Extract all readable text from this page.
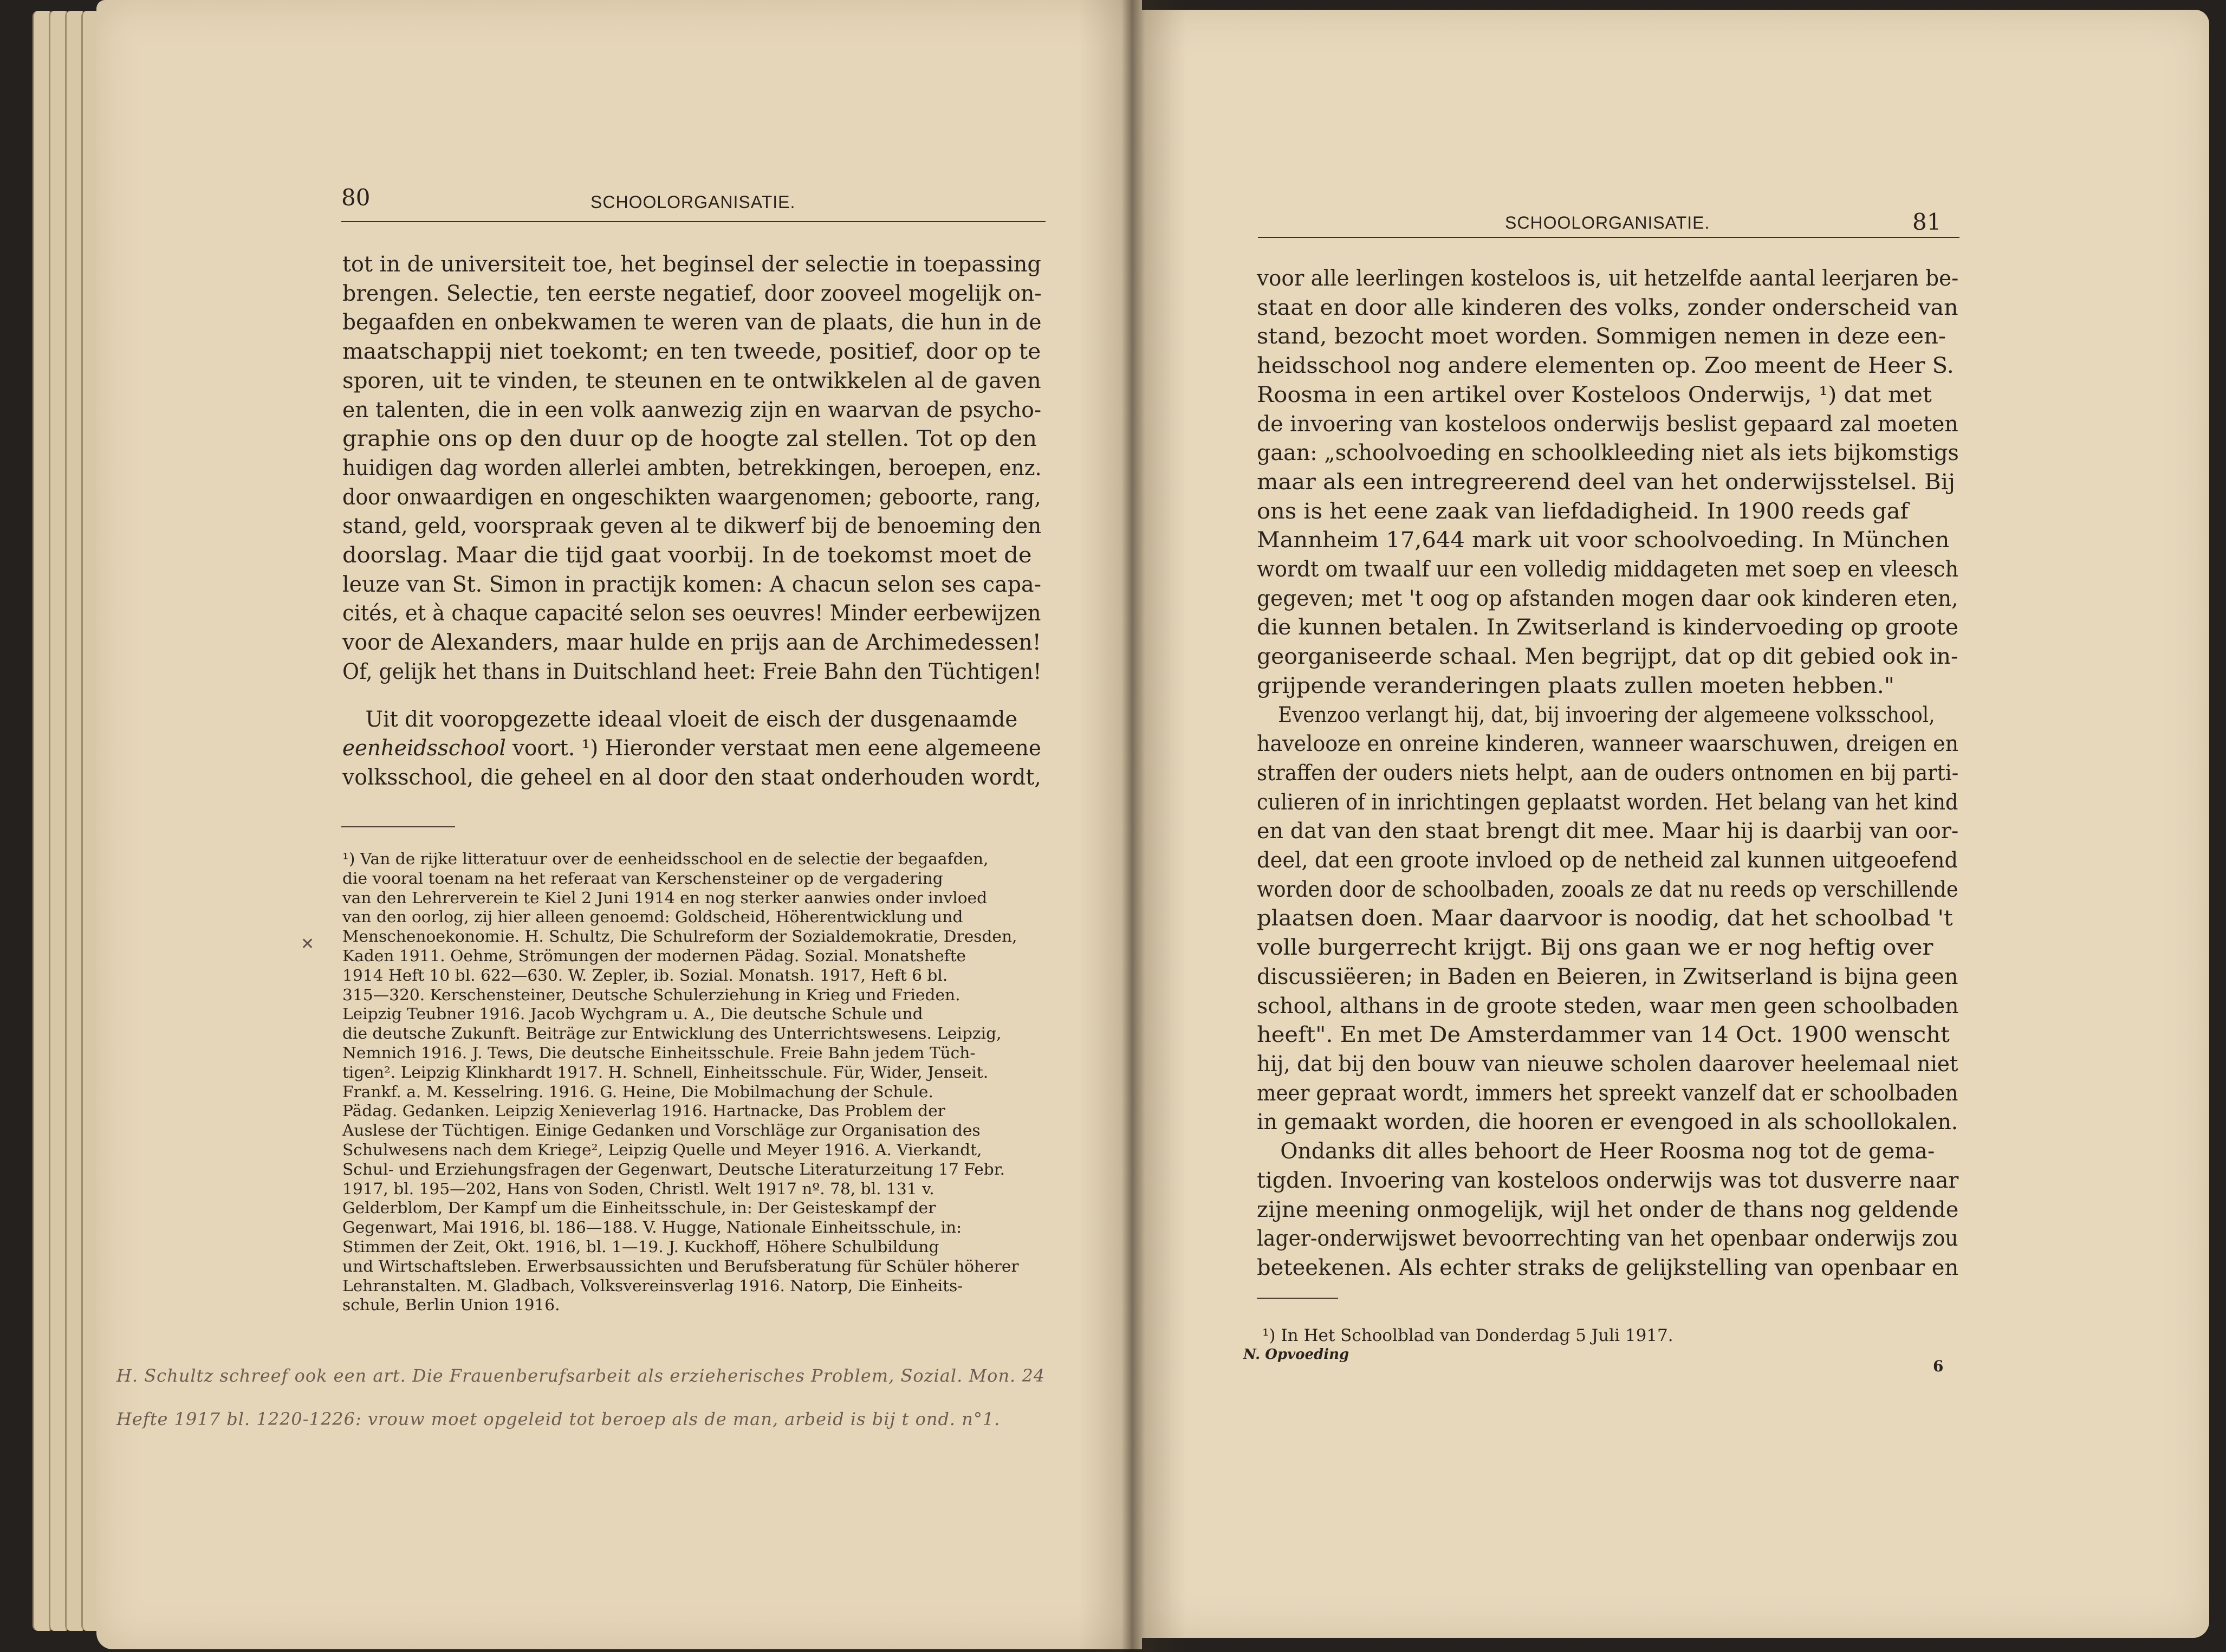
80	SCHOOLORGANISATIE.
tot in de universiteit toe, het beginsel der selectie in toepassing
brengen. Selectie, ten eerste negatief, door zooveel mogelijk on-
begaafden en onbekwamen te weren van de plaats, die hun in de
maatschappij niet toekomt; en ten tweede, positief, door op te
sporen, uit te vinden, te steunen en te ontwikkelen al de gaven
en talenten, die in een volk aanwezig zijn en waarvan de psycho-
graphie ons op den duur op de hoogte zal stellen. Tot op den
huidigen dag worden allerlei ambten, betrekkingen, beroepen, enz.
door onwaardigen en ongeschikten waargenomen; geboorte, rang,
stand, geld, voorspraak geven al te dikwerf bij de benoeming den
doorslag. Maar die tijd gaat voorbij. In de toekomst moet de
leuze van St. Simon in practijk komen: A chacun selon ses capa-
cités, et à chaque capacité selon ses oeuvres! Minder eerbewijzen
voor de Alexanders, maar hulde en prijs aan de Archimedessen!
Of, gelijk het thans in Duitschland heet: Freie Bahn den Tüchtigen!
Uit dit vooropgezette ideaal vloeit de eisch der dusgenaamde
eenheidsschool voort. ¹) Hieronder verstaat men eene algemeene
volksschool, die geheel en al door den staat onderhouden wordt,
¹) Van de rijke litteratuur over de eenheidsschool en de selectie der begaafden,
die vooral toenam na het referaat van Kerschensteiner op de vergadering
van den Lehrerverein te Kiel 2 Juni 1914 en nog sterker aanwies onder invloed
van den oorlog, zij hier alleen genoemd: Goldscheid, Höherentwicklung und
Menschenoekonomie. H. Schultz, Die Schulreform der Sozialdemokratie, Dresden,
Kaden 1911. Oehme, Strömungen der modernen Pädag. Sozial. Monatshefte
1914 Heft 10 bl. 622—630. W. Zepler, ib. Sozial. Monatsh. 1917, Heft 6 bl.
315—320. Kerschensteiner, Deutsche Schulerziehung in Krieg und Frieden.
Leipzig Teubner 1916. Jacob Wychgram u. A., Die deutsche Schule und
die deutsche Zukunft. Beiträge zur Entwicklung des Unterrichtswesens. Leipzig,
Nemnich 1916. J. Tews, Die deutsche Einheitsschule. Freie Bahn jedem Tüch-
tigen². Leipzig Klinkhardt 1917. H. Schnell, Einheitsschule. Für, Wider, Jenseit.
Frankf. a. M. Kesselring. 1916. G. Heine, Die Mobilmachung der Schule.
Pädag. Gedanken. Leipzig Xenieverlag 1916. Hartnacke, Das Problem der
Auslese der Tüchtigen. Einige Gedanken und Vorschläge zur Organisation des
Schulwesens nach dem Kriege², Leipzig Quelle und Meyer 1916. A. Vierkandt,
Schul- und Erziehungsfragen der Gegenwart, Deutsche Literaturzeitung 17 Febr.
1917, bl. 195—202, Hans von Soden, Christl. Welt 1917 nº. 78, bl. 131 v.
Gelderblom, Der Kampf um die Einheitsschule, in: Der Geisteskampf der
Gegenwart, Mai 1916, bl. 186—188. V. Hugge, Nationale Einheitsschule, in:
Stimmen der Zeit, Okt. 1916, bl. 1—19. J. Kuckhoff, Höhere Schulbildung
und Wirtschaftsleben. Erwerbsaussichten und Berufsberatung für Schüler höherer
Lehranstalten. M. Gladbach, Volksvereinsverlag 1916. Natorp, Die Einheits-
schule, Berlin Union 1916.
✕
H. Schultz schreef ook een art. Die Frauenberufsarbeit als erzieherisches Problem, Sozial. Mon. 24
Hefte 1917 bl. 1220-1226: vrouw moet opgeleid tot beroep als de man, arbeid is bij t ond. n°1.
SCHOOLORGANISATIE.	81
voor alle leerlingen kosteloos is, uit hetzelfde aantal leerjaren be-
staat en door alle kinderen des volks, zonder onderscheid van
stand, bezocht moet worden. Sommigen nemen in deze een-
heidsschool nog andere elementen op. Zoo meent de Heer S.
Roosma in een artikel over Kosteloos Onderwijs, ¹) dat met
de invoering van kosteloos onderwijs beslist gepaard zal moeten
gaan: „schoolvoeding en schoolkleeding niet als iets bijkomstigs
maar als een intregreerend deel van het onderwijsstelsel. Bij
ons is het eene zaak van liefdadigheid. In 1900 reeds gaf
Mannheim 17,644 mark uit voor schoolvoeding. In München
wordt om twaalf uur een volledig middageten met soep en vleesch
gegeven; met 't oog op afstanden mogen daar ook kinderen eten,
die kunnen betalen. In Zwitserland is kindervoeding op groote
georganiseerde schaal. Men begrijpt, dat op dit gebied ook in-
grijpende veranderingen plaats zullen moeten hebben."
Evenzoo verlangt hij, dat, bij invoering der algemeene volksschool,
havelooze en onreine kinderen, wanneer waarschuwen, dreigen en
straffen der ouders niets helpt, aan de ouders ontnomen en bij parti-
culieren of in inrichtingen geplaatst worden. Het belang van het kind
en dat van den staat brengt dit mee. Maar hij is daarbij van oor-
deel, dat een groote invloed op de netheid zal kunnen uitgeoefend
worden door de schoolbaden, zooals ze dat nu reeds op verschillende
plaatsen doen. Maar daarvoor is noodig, dat het schoolbad 't
volle burgerrecht krijgt. Bij ons gaan we er nog heftig over
discussiëeren; in Baden en Beieren, in Zwitserland is bijna geen
school, althans in de groote steden, waar men geen schoolbaden
heeft". En met De Amsterdammer van 14 Oct. 1900 wenscht
hij, dat bij den bouw van nieuwe scholen daarover heelemaal niet
meer gepraat wordt, immers het spreekt vanzelf dat er schoolbaden
in gemaakt worden, die hooren er evengoed in als schoollokalen.
Ondanks dit alles behoort de Heer Roosma nog tot de gema-
tigden. Invoering van kosteloos onderwijs was tot dusverre naar
zijne meening onmogelijk, wijl het onder de thans nog geldende
lager-onderwijswet bevoorrechting van het openbaar onderwijs zou
beteekenen. Als echter straks de gelijkstelling van openbaar en
¹) In Het Schoolblad van Donderdag 5 Juli 1917.
N. Opvoeding
6
